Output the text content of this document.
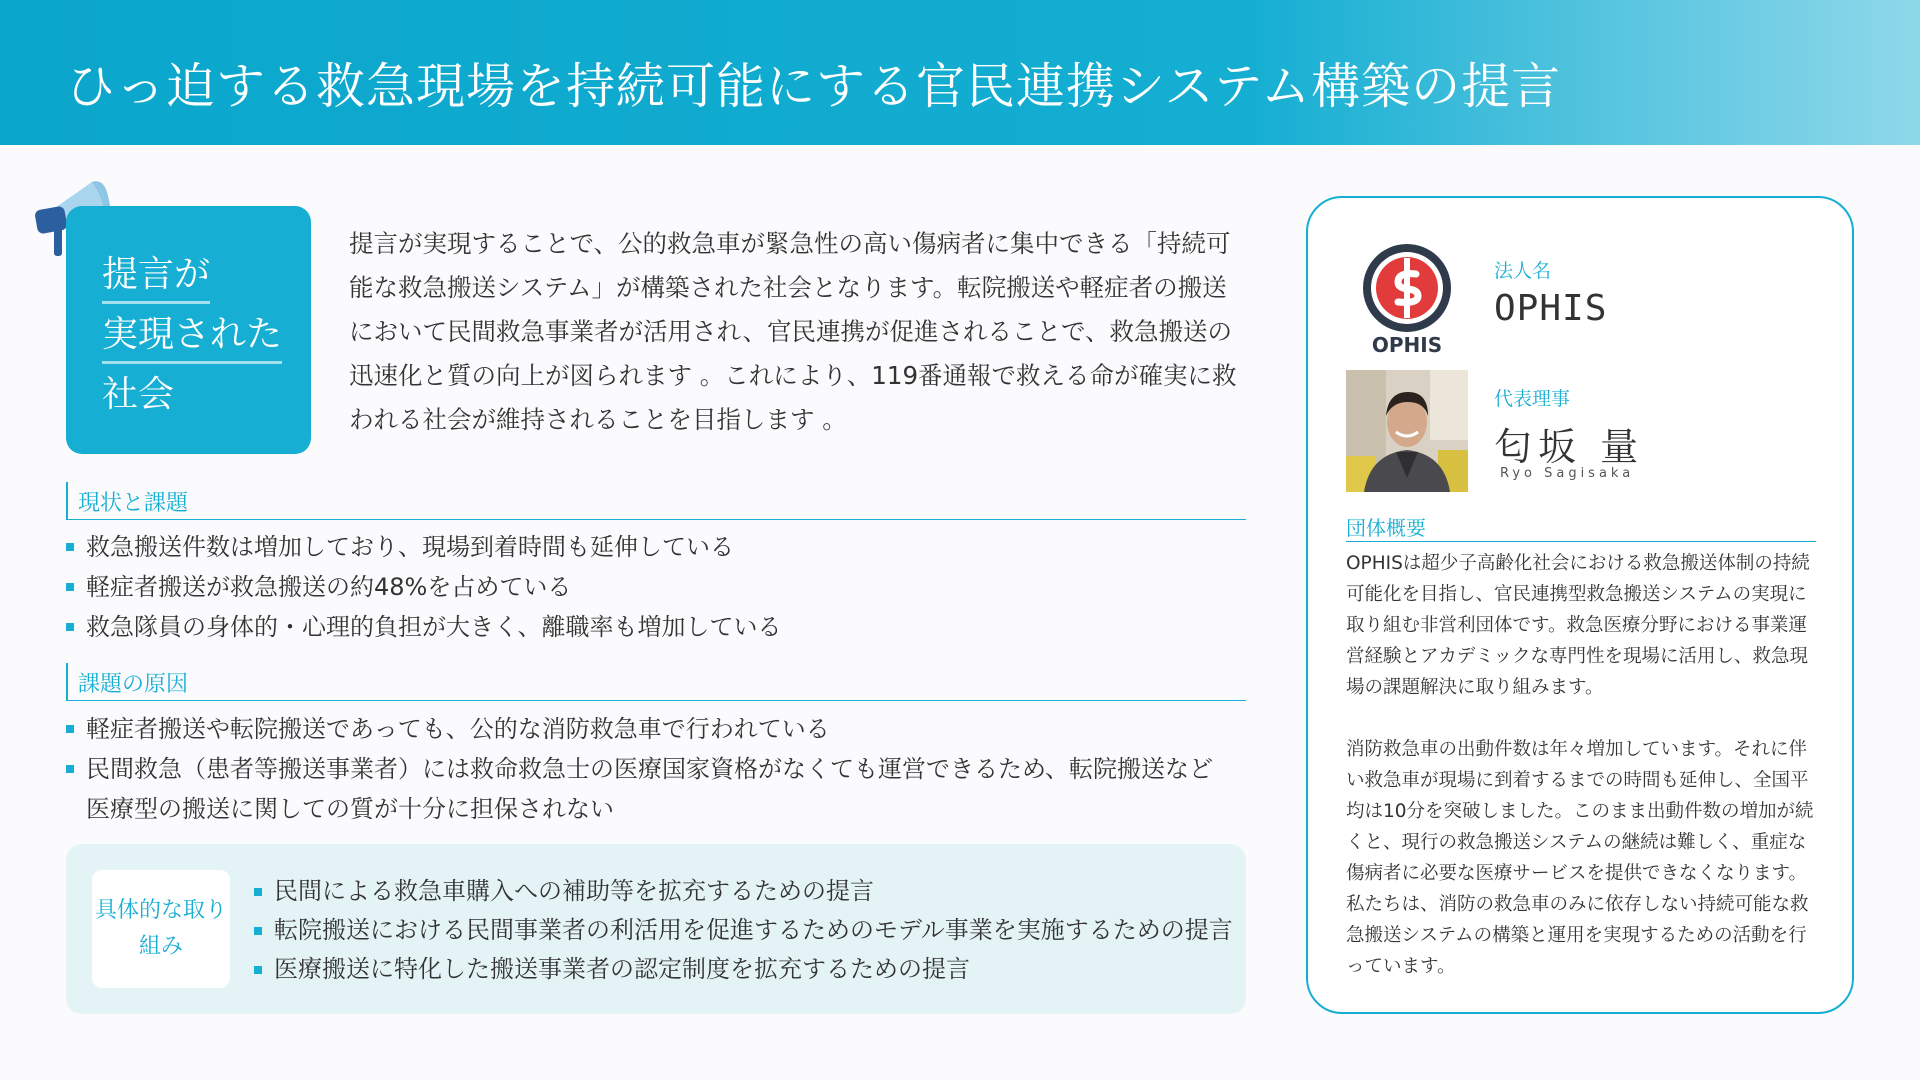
ひっ迫する救急現場を持続可能にする官民連携システム構築の提言
提言が
実現された
社会
提言が実現することで、公的救急車が緊急性の高い傷病者に集中できる「持続可能な救急搬送システム」が構築された社会となります。転院搬送や軽症者の搬送において民間救急事業者が活用され、官民連携が促進されることで、救急搬送の迅速化と質の向上が図られます 。これにより、119番通報で救える命が確実に救われる社会が維持されることを目指します 。
現状と課題
救急搬送件数は増加しており、現場到着時間も延伸している
軽症者搬送が救急搬送の約48%を占めている
救急隊員の身体的・心理的負担が大きく、離職率も増加している
課題の原因
軽症者搬送や転院搬送であっても、公的な消防救急車で行われている
民間救急（患者等搬送事業者）には救命救急士の医療国家資格がなくても運営できるため、転院搬送など医療型の搬送に関しての質が十分に担保されない
具体的な取り組み
民間による救急車購入への補助等を拡充するための提言
転院搬送における民間事業者の利活用を促進するためのモデル事業を実施するための提言
医療搬送に特化した搬送事業者の認定制度を拡充するための提言
OPHIS
法人名
OPHIS
代表理事
匂坂 量
Ryo Sagisaka
団体概要

OPHISは超少子高齢化社会における救急搬送体制の持続可能化を目指し、官民連携型救急搬送システムの実現に取り組む非営利団体です。救急医療分野における事業運営経験とアカデミックな専門性を現場に活用し、救急現場の課題解決に取り組みます。

消防救急車の出動件数は年々増加しています。それに伴い救急車が現場に到着するまでの時間も延伸し、全国平均は10分を突破しました。このまま出動件数の増加が続くと、現行の救急搬送システムの継続は難しく、重症な傷病者に必要な医療サービスを提供できなくなります。私たちは、消防の救急車のみに依存しない持続可能な救急搬送システムの構築と運用を実現するための活動を行っています。
